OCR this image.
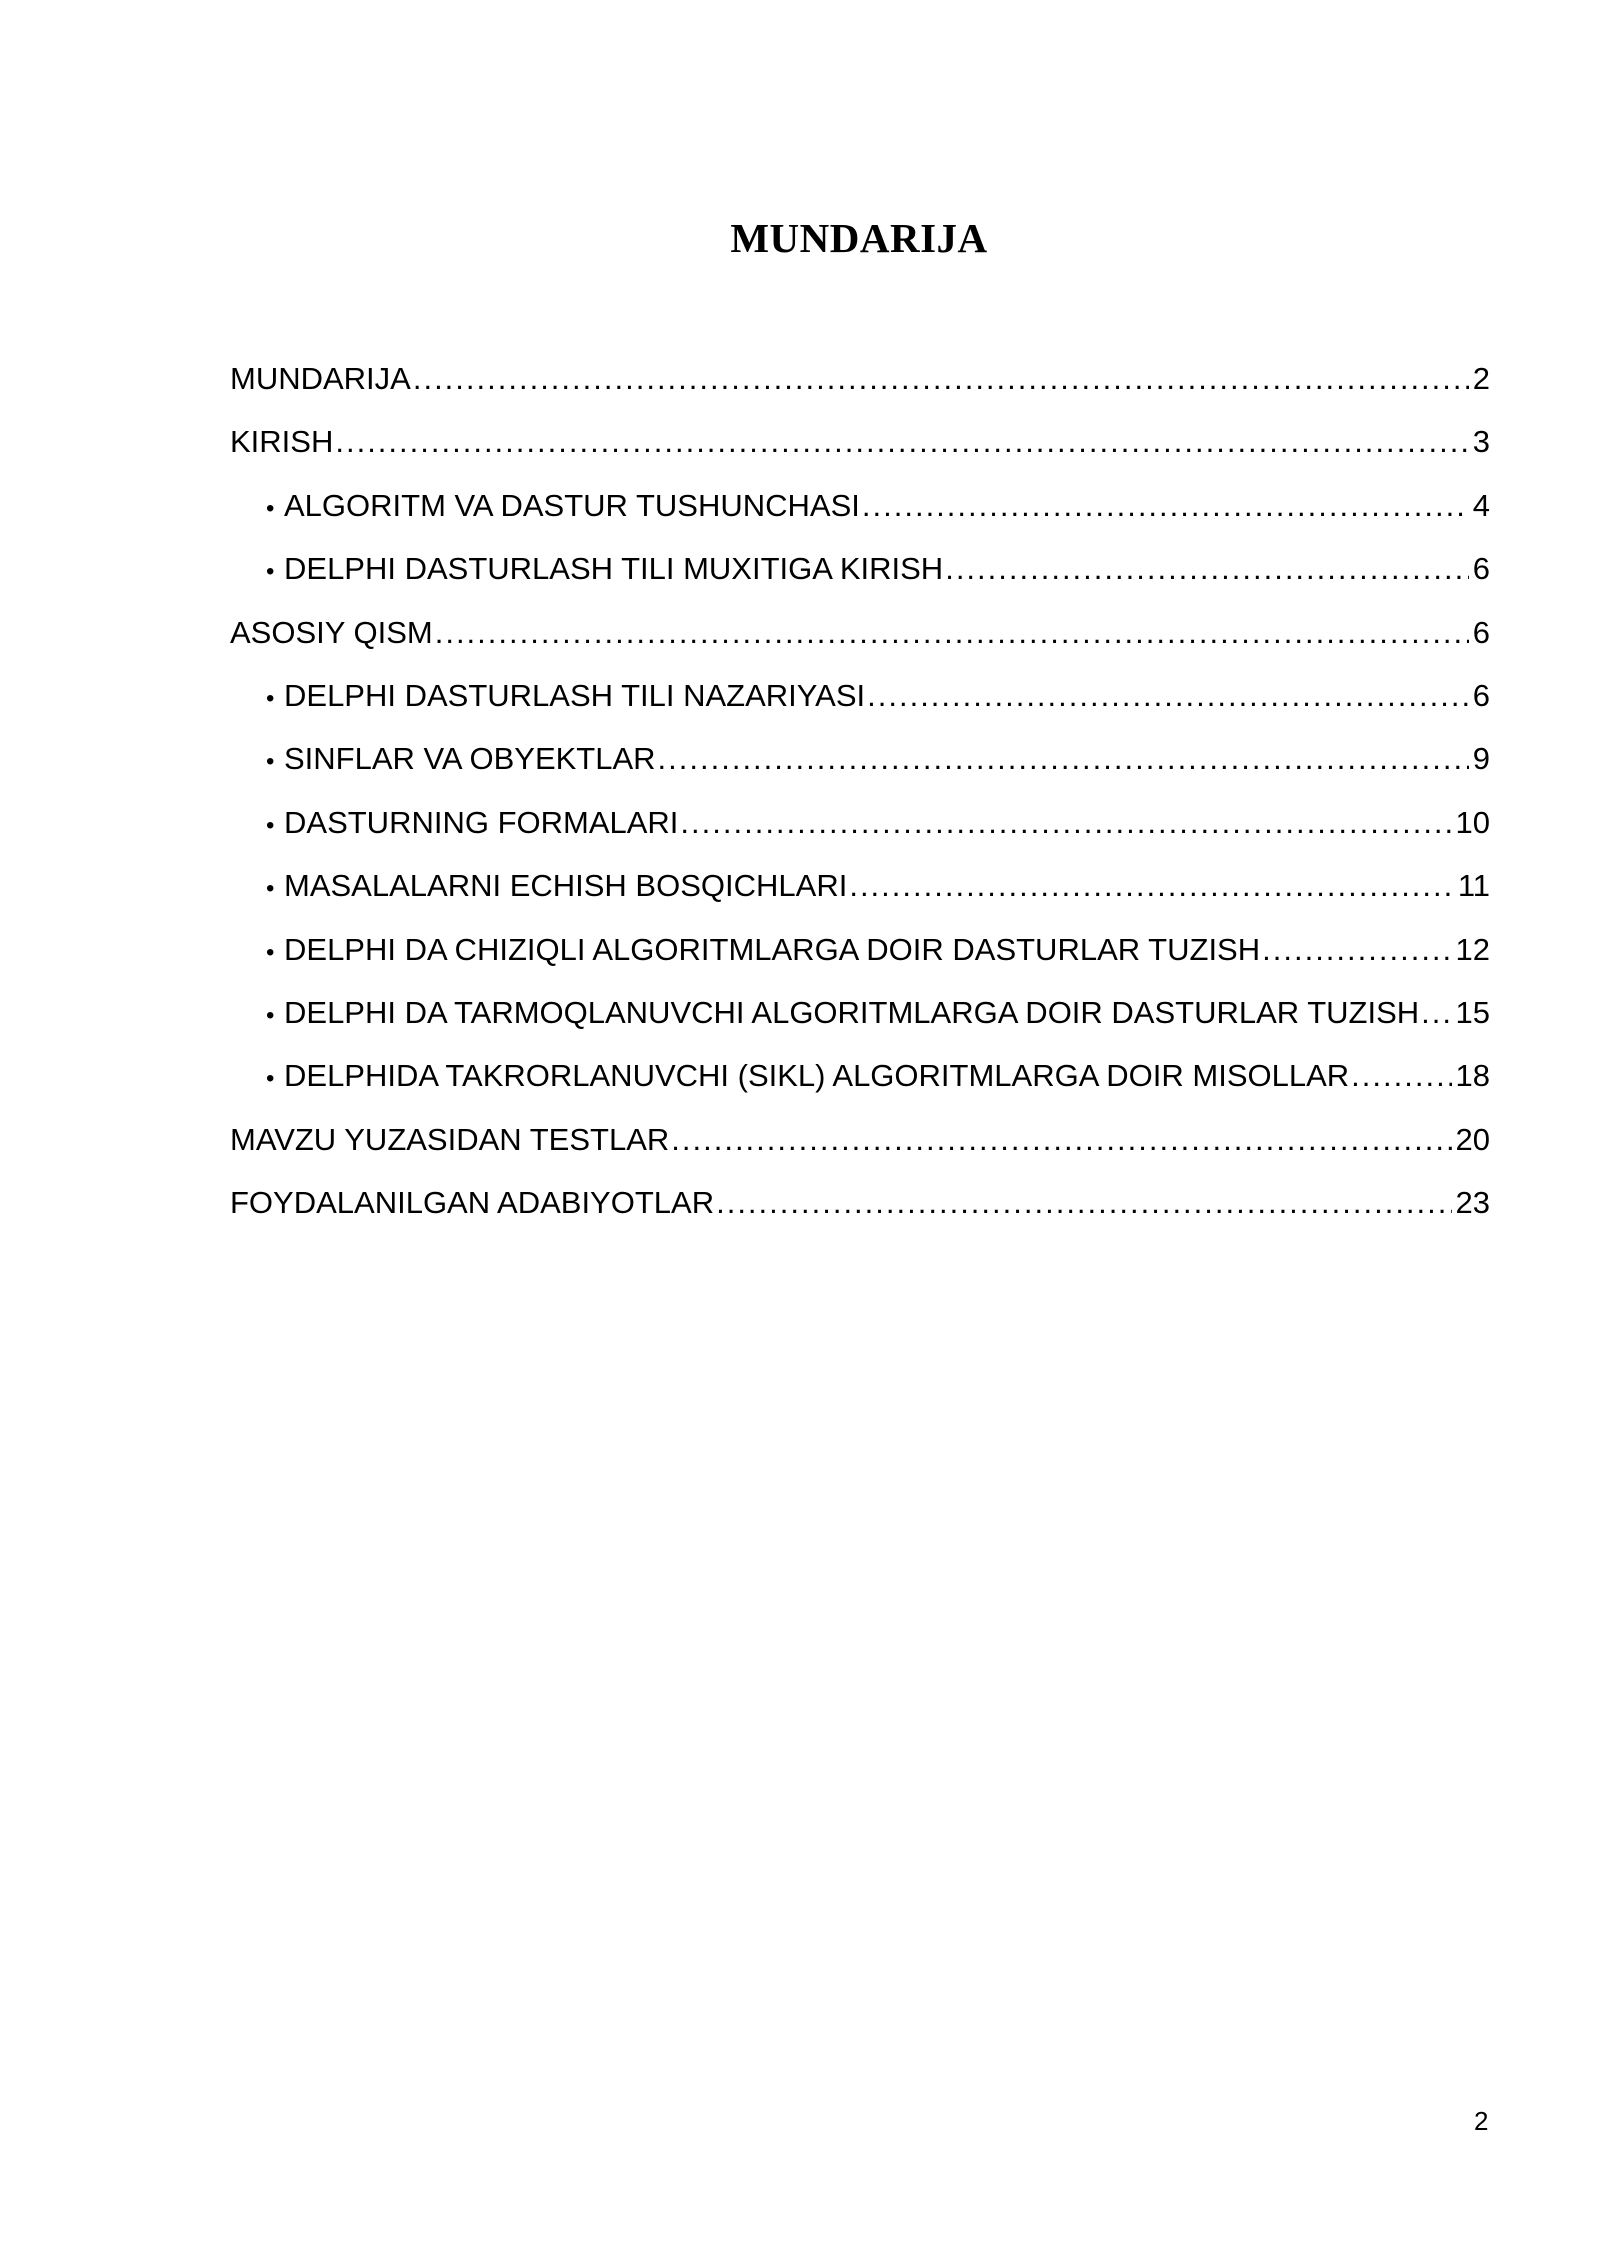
MUNDARIJA
MUNDARIJA .....	2
KIRISH .....	3
• ALGORITM VA DASTUR TUSHUNCHASI .....	4
• DELPHI DASTURLASH TILI MUXITIGA KIRISH .....	6
ASOSIY QISM .....	6
• DELPHI DASTURLASH TILI NAZARIYASI .....	6
• SINFLAR VA OBYEKTLAR .....	9
• DASTURNING FORMALARI .....	10
• MASALALARNI ECHISH BOSQICHLARI .....	11
• DELPHI DA CHIZIQLI ALGORITMLARGA DOIR DASTURLAR TUZISH .....	12
• DELPHI DA TARMOQLANUVCHI ALGORITMLARGA DOIR DASTURLAR TUZISH ..... 15
• DELPHIDA TAKRORLANUVCHI (SIKL) ALGORITMLARGA DOIR MISOLLAR .....	18
MAVZU YUZASIDAN TESTLAR .....	20
FOYDALANILGAN ADABIYOTLAR .....	23
2
